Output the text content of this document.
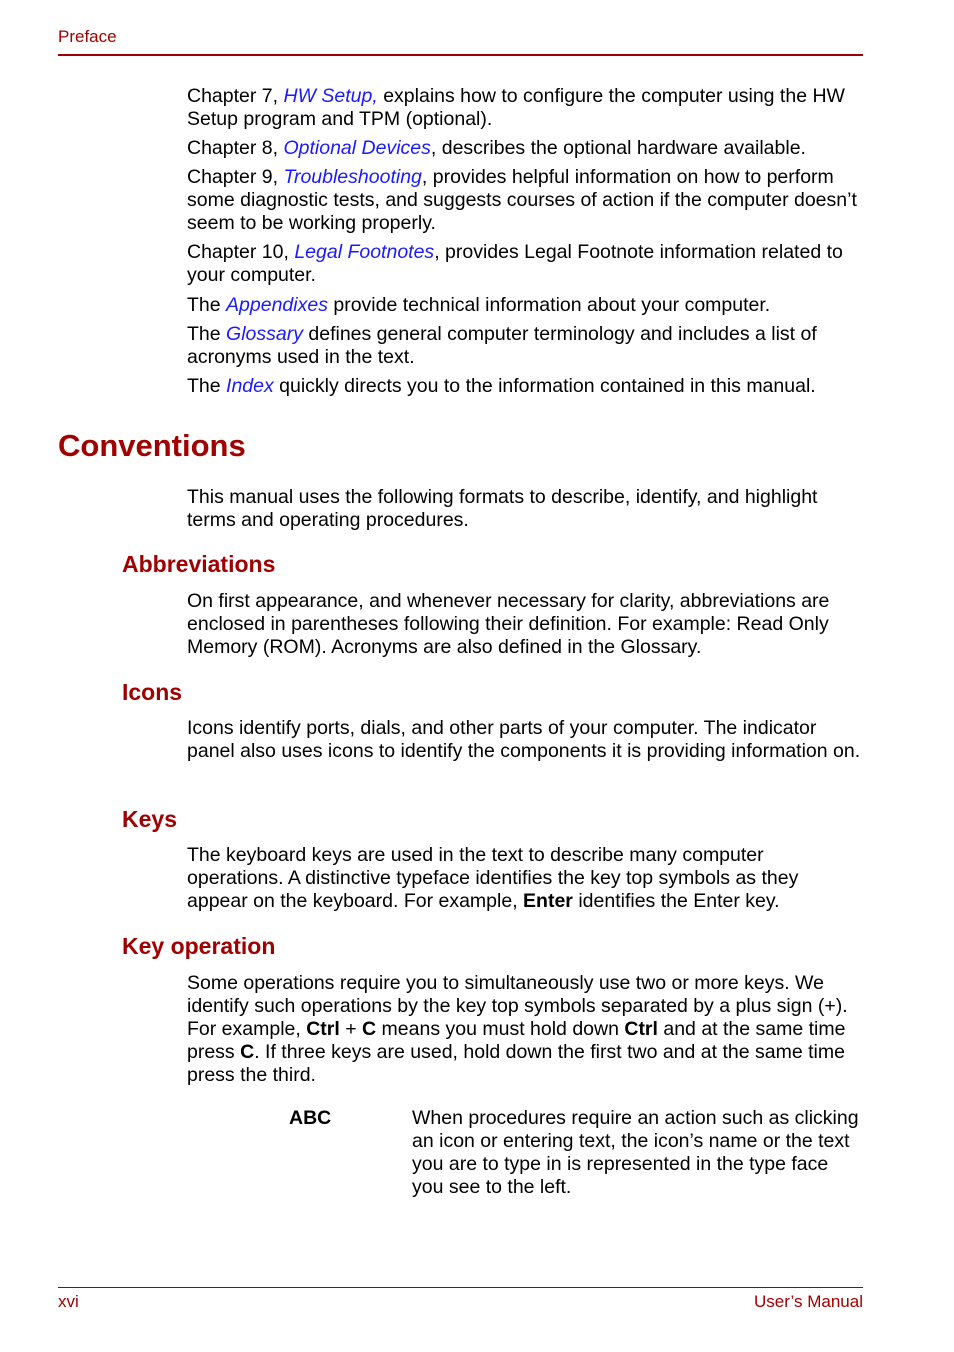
Preface

Chapter 7, HW Setup, explains how to configure the computer using the HW Setup program and TPM (optional).

Chapter 8, Optional Devices, describes the optional hardware available.

Chapter 9, Troubleshooting, provides helpful information on how to perform some diagnostic tests, and suggests courses of action if the computer doesn’t seem to be working properly.

Chapter 10, Legal Footnotes, provides Legal Footnote information related to your computer.

The Appendixes provide technical information about your computer.

The Glossary defines general computer terminology and includes a list of acronyms used in the text.

The Index quickly directs you to the information contained in this manual.

Conventions

This manual uses the following formats to describe, identify, and highlight terms and operating procedures.

Abbreviations

On first appearance, and whenever necessary for clarity, abbreviations are enclosed in parentheses following their definition. For example: Read Only Memory (ROM). Acronyms are also defined in the Glossary.

Icons

Icons identify ports, dials, and other parts of your computer. The indicator panel also uses icons to identify the components it is providing information on.

Keys

The keyboard keys are used in the text to describe many computer operations. A distinctive typeface identifies the key top symbols as they appear on the keyboard. For example, Enter identifies the Enter key.

Key operation

Some operations require you to simultaneously use two or more keys. We identify such operations by the key top symbols separated by a plus sign (+). For example, Ctrl + C means you must hold down Ctrl and at the same time press C. If three keys are used, hold down the first two and at the same time press the third.

ABC	When procedures require an action such as clicking an icon or entering text, the icon’s name or the text you are to type in is represented in the type face you see to the left.

xvi	User’s Manual
